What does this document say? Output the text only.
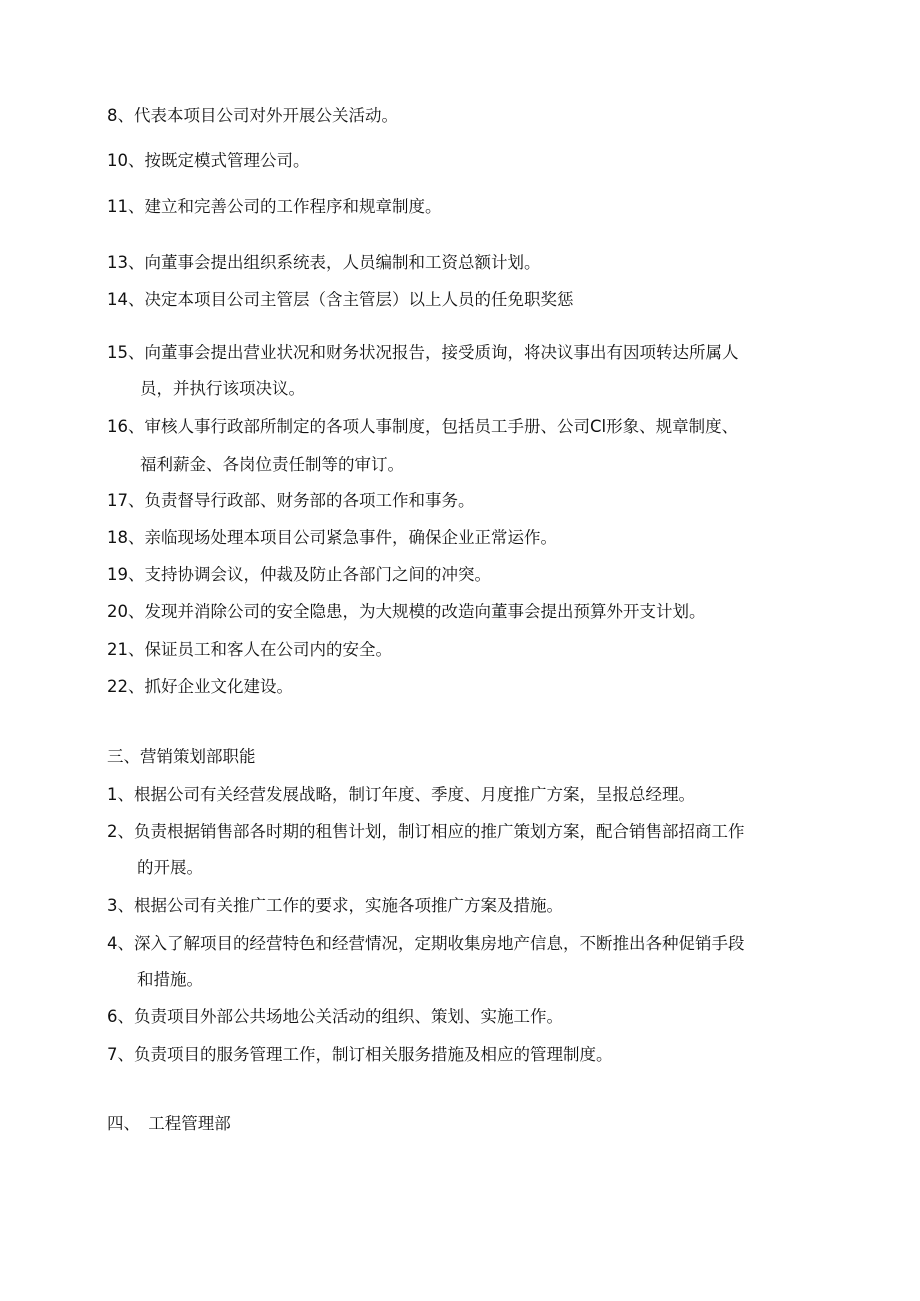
8、代表本项目公司对外开展公关活动。
10、按既定模式管理公司。
11、建立和完善公司的工作程序和规章制度。
13、向董事会提出组织系统表，人员编制和工资总额计划。
14、决定本项目公司主管层（含主管层）以上人员的任免职奖惩
15、向董事会提出营业状况和财务状况报告，接受质询，将决议事出有因项转达所属人
员，并执行该项决议。
16、审核人事行政部所制定的各项人事制度，包括员工手册、公司Cl形象、规章制度、
福利薪金、各岗位责任制等的审订。
17、负责督导行政部、财务部的各项工作和事务。
18、亲临现场处理本项目公司紧急事件，确保企业正常运作。
19、支持协调会议，仲裁及防止各部门之间的冲突。
20、发现并消除公司的安全隐患，为大规模的改造向董事会提出预算外开支计划。
21、保证员工和客人在公司内的安全。
22、抓好企业文化建设。
三、营销策划部职能
1、根据公司有关经营发展战略，制订年度、季度、月度推广方案，呈报总经理。
2、负责根据销售部各时期的租售计划，制订相应的推广策划方案，配合销售部招商工作
的开展。
3、根据公司有关推广工作的要求，实施各项推广方案及措施。
4、深入了解项目的经营特色和经营情况，定期收集房地产信息，不断推出各种促销手段
和措施。
6、负责项目外部公共场地公关活动的组织、策划、实施工作。
7、负责项目的服务管理工作，制订相关服务措施及相应的管理制度。
四、　工程管理部
